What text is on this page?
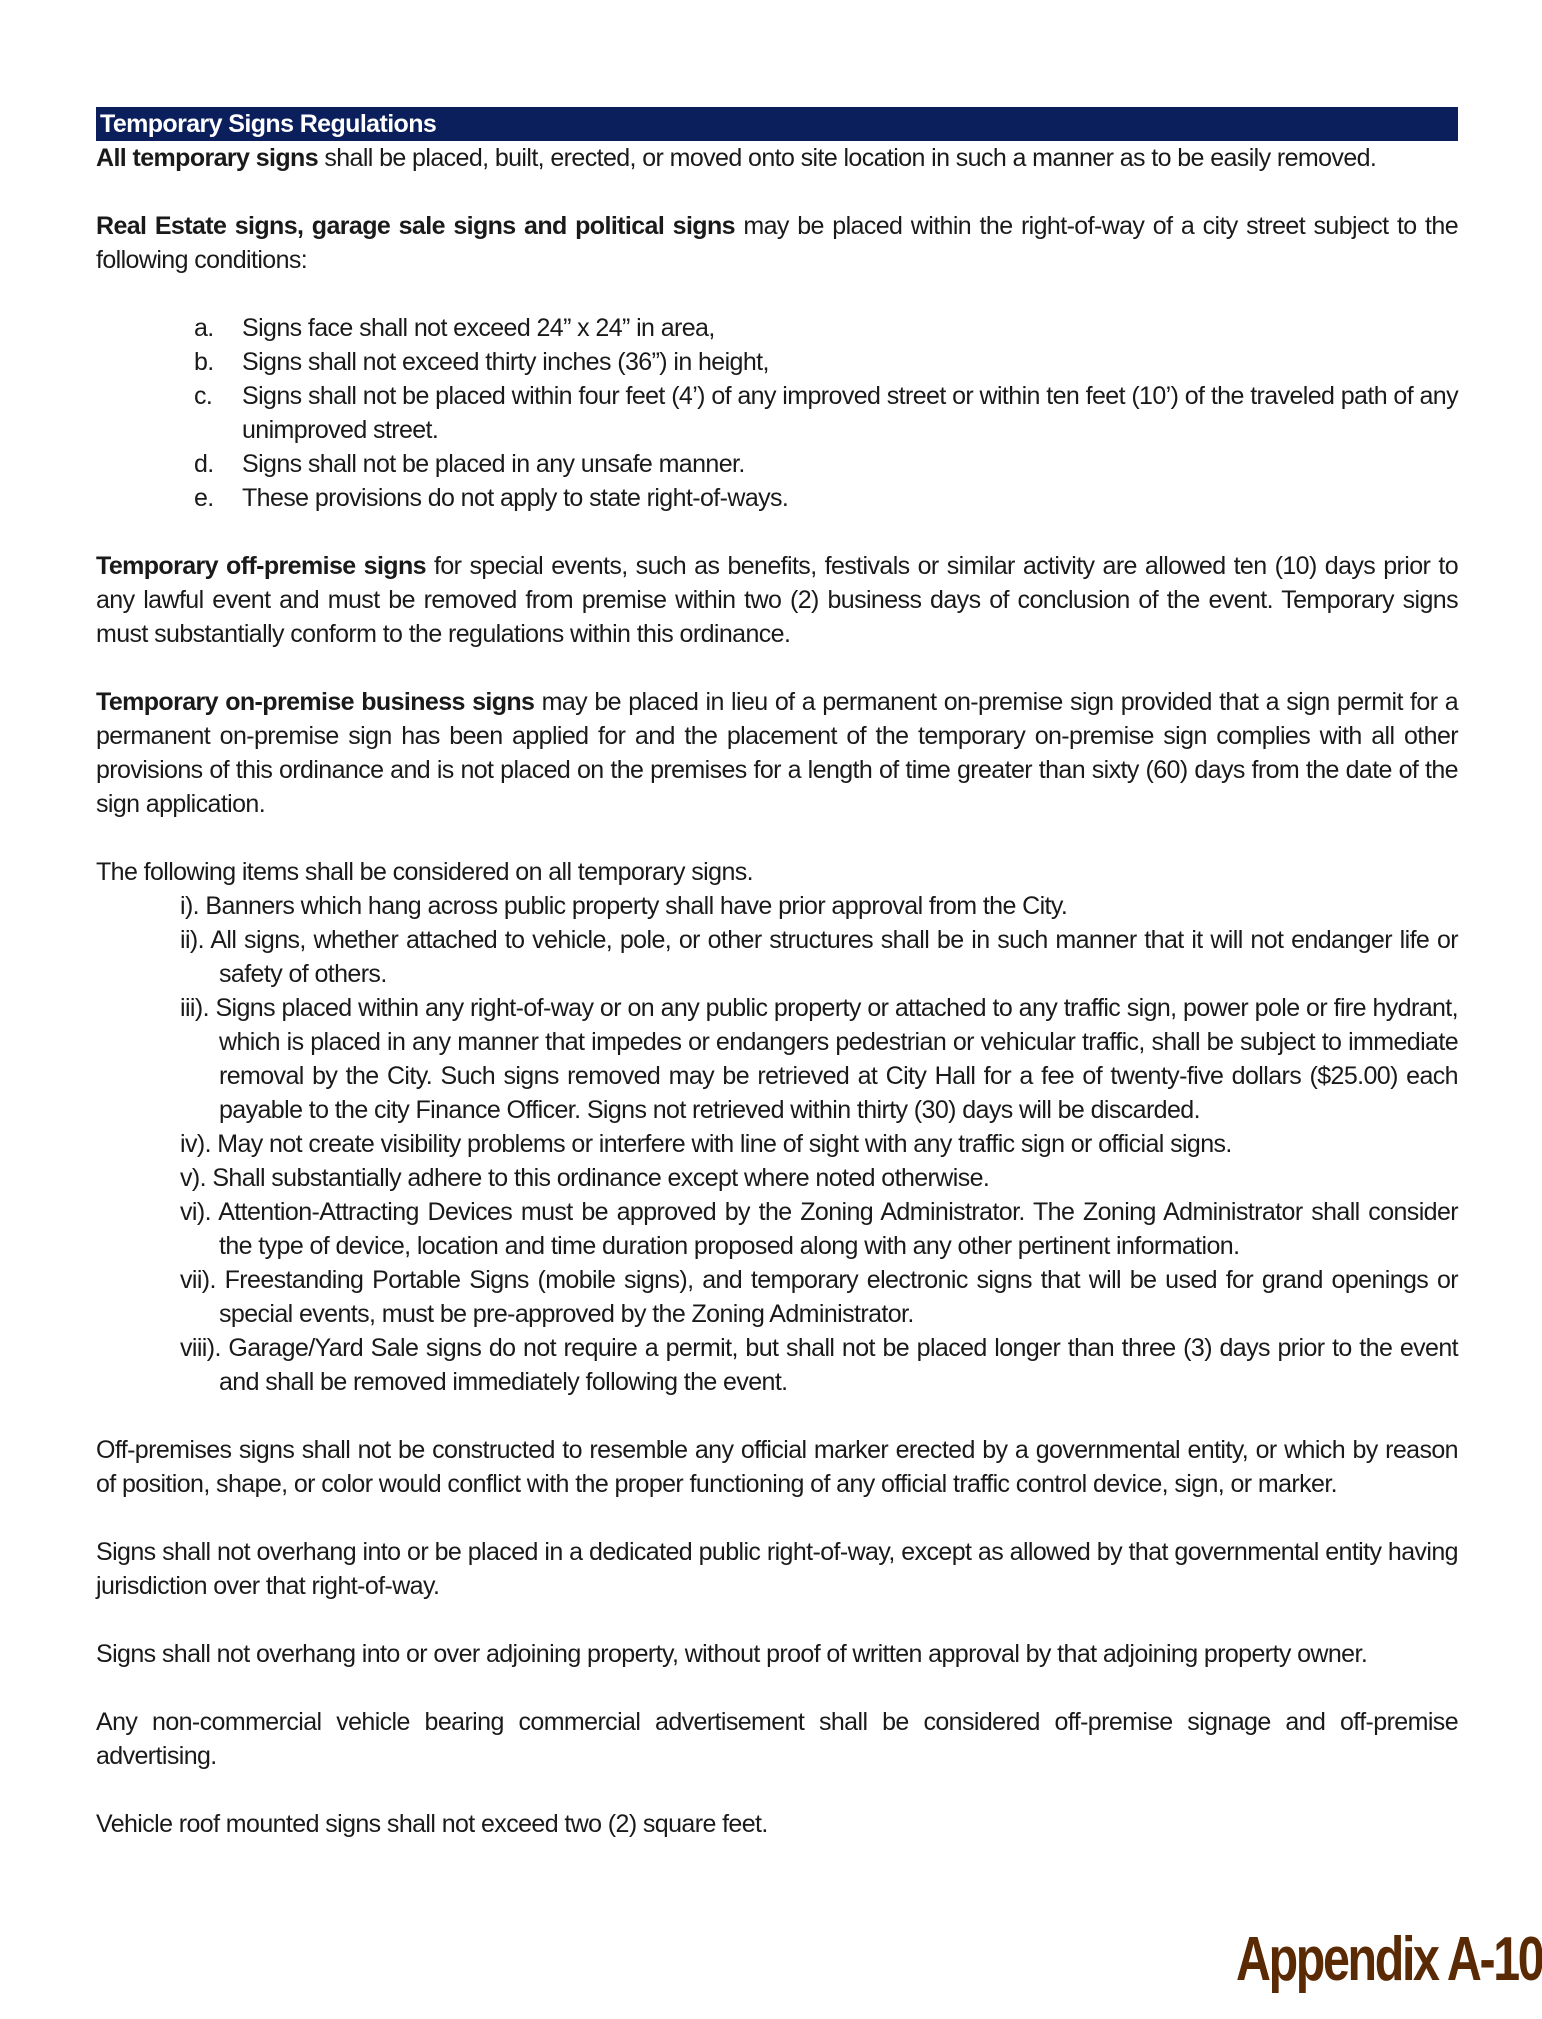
Temporary Signs Regulations

All temporary signs shall be placed, built, erected, or moved onto site location in such a manner as to be easily removed.

Real Estate signs, garage sale signs and political signs may be placed within the right-of-way of a city street subject to the following conditions:

a.	Signs face shall not exceed 24” x 24” in area,
b.	Signs shall not exceed thirty inches (36”) in height,
c.	Signs shall not be placed within four feet (4’) of any improved street or within ten feet (10’) of the traveled path of any unimproved street.
d.	Signs shall not be placed in any unsafe manner.
e.	These provisions do not apply to state right-of-ways.

Temporary off-premise signs for special events, such as benefits, festivals or similar activity are allowed ten (10) days prior to any lawful event and must be removed from premise within two (2) business days of conclusion of the event. Temporary signs must substantially conform to the regulations within this ordinance.

Temporary on-premise business signs may be placed in lieu of a permanent on-premise sign provided that a sign permit for a permanent on-premise sign has been applied for and the placement of the temporary on-premise sign complies with all other provisions of this ordinance and is not placed on the premises for a length of time greater than sixty (60) days from the date of the sign application.

The following items shall be considered on all temporary signs.

i). Banners which hang across public property shall have prior approval from the City.
ii). All signs, whether attached to vehicle, pole, or other structures shall be in such manner that it will not endanger life or safety of others.
iii). Signs placed within any right-of-way or on any public property or attached to any traffic sign, power pole or fire hydrant, which is placed in any manner that impedes or endangers pedestrian or vehicular traffic, shall be subject to immediate removal by the City. Such signs removed may be retrieved at City Hall for a fee of twenty-five dollars ($25.00) each payable to the city Finance Officer. Signs not retrieved within thirty (30) days will be discarded.
iv). May not create visibility problems or interfere with line of sight with any traffic sign or official signs.
v). Shall substantially adhere to this ordinance except where noted otherwise.
vi). Attention-Attracting Devices must be approved by the Zoning Administrator. The Zoning Administrator shall consider the type of device, location and time duration proposed along with any other pertinent information.
vii). Freestanding Portable Signs (mobile signs), and temporary electronic signs that will be used for grand openings or special events, must be pre-approved by the Zoning Administrator.
viii). Garage/Yard Sale signs do not require a permit, but shall not be placed longer than three (3) days prior to the event and shall be removed immediately following the event.

Off-premises signs shall not be constructed to resemble any official marker erected by a governmental entity, or which by reason of position, shape, or color would conflict with the proper functioning of any official traffic control device, sign, or marker.

Signs shall not overhang into or be placed in a dedicated public right-of-way, except as allowed by that governmental entity having jurisdiction over that right-of-way.

Signs shall not overhang into or over adjoining property, without proof of written approval by that adjoining property owner.

Any non-commercial vehicle bearing commercial advertisement shall be considered off-premise signage and off-premise advertising.

Vehicle roof mounted signs shall not exceed two (2) square feet.

Appendix A-10
